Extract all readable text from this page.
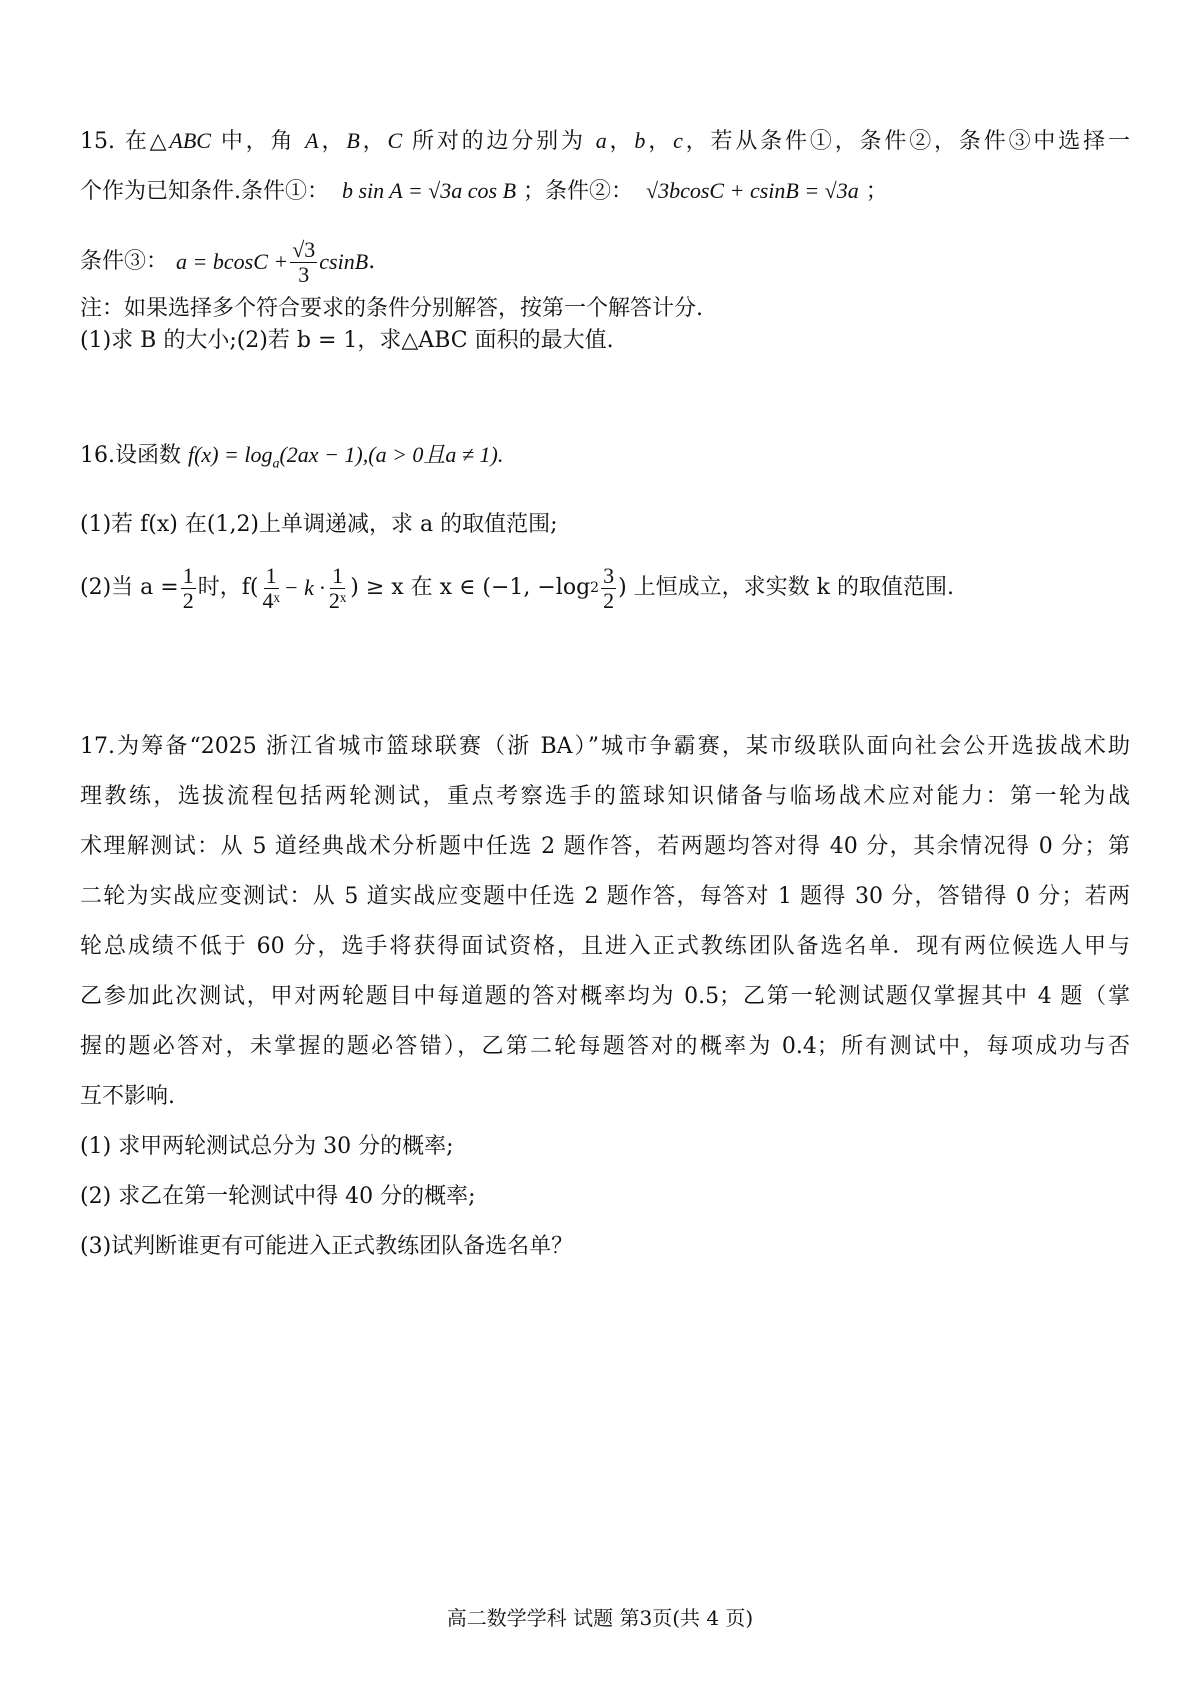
15. 在△ABC 中，角 A，B，C 所对的边分别为 a，b，c，若从条件①，条件②，条件③中选择一
个作为已知条件.条件①： b sin A = √3a cos B ；条件②： √3bcosC + csinB = √3a ；
条件③： $a = bcosC + \frac{√3}{3}$ csinB .
注：如果选择多个符合要求的条件分别解答，按第一个解答计分.
(1)求 B 的大小;(2)若 b = 1，求△ABC 面积的最大值.
16.设函数 $f(x) = \log_a(2ax - 1),(a > 0$且a ≠ 1).
(1)若 f(x) 在(1,2)上单调递减，求 a 的取值范围;
(2)当 $a = \frac{1}{2}$ 时，$f( \frac{1}{\text{4ˣ}} - k \cdot \frac{1}{\text{2ˣ}}$ ) ≥ x 在 x ∈ (−1, −log $2 \frac{3}{2}$ ) 上恒成立，求实数 k 的取值范围.
17.为筹备“2025 浙江省城市篮球联赛（浙 BA）”城市争霸赛，某市级联队面向社会公开选拔战术助
理教练，选拔流程包括两轮测试，重点考察选手的篮球知识储备与临场战术应对能力：第一轮为战
术理解测试：从 5 道经典战术分析题中任选 2 题作答，若两题均答对得 40 分，其余情况得 0 分；第
二轮为实战应变测试：从 5 道实战应变题中任选 2 题作答，每答对 1 题得 30 分，答错得 0 分；若两
轮总成绩不低于 60 分，选手将获得面试资格，且进入正式教练团队备选名单．现有两位候选人甲与
乙参加此次测试，甲对两轮题目中每道题的答对概率均为 0.5；乙第一轮测试题仅掌握其中 4 题（掌
握的题必答对，未掌握的题必答错），乙第二轮每题答对的概率为 0.4；所有测试中，每项成功与否
互不影响.
(1) 求甲两轮测试总分为 30 分的概率;
(2) 求乙在第一轮测试中得 40 分的概率;
(3)试判断谁更有可能进入正式教练团队备选名单？
高二数学学科 试题 第3页(共 4 页)
